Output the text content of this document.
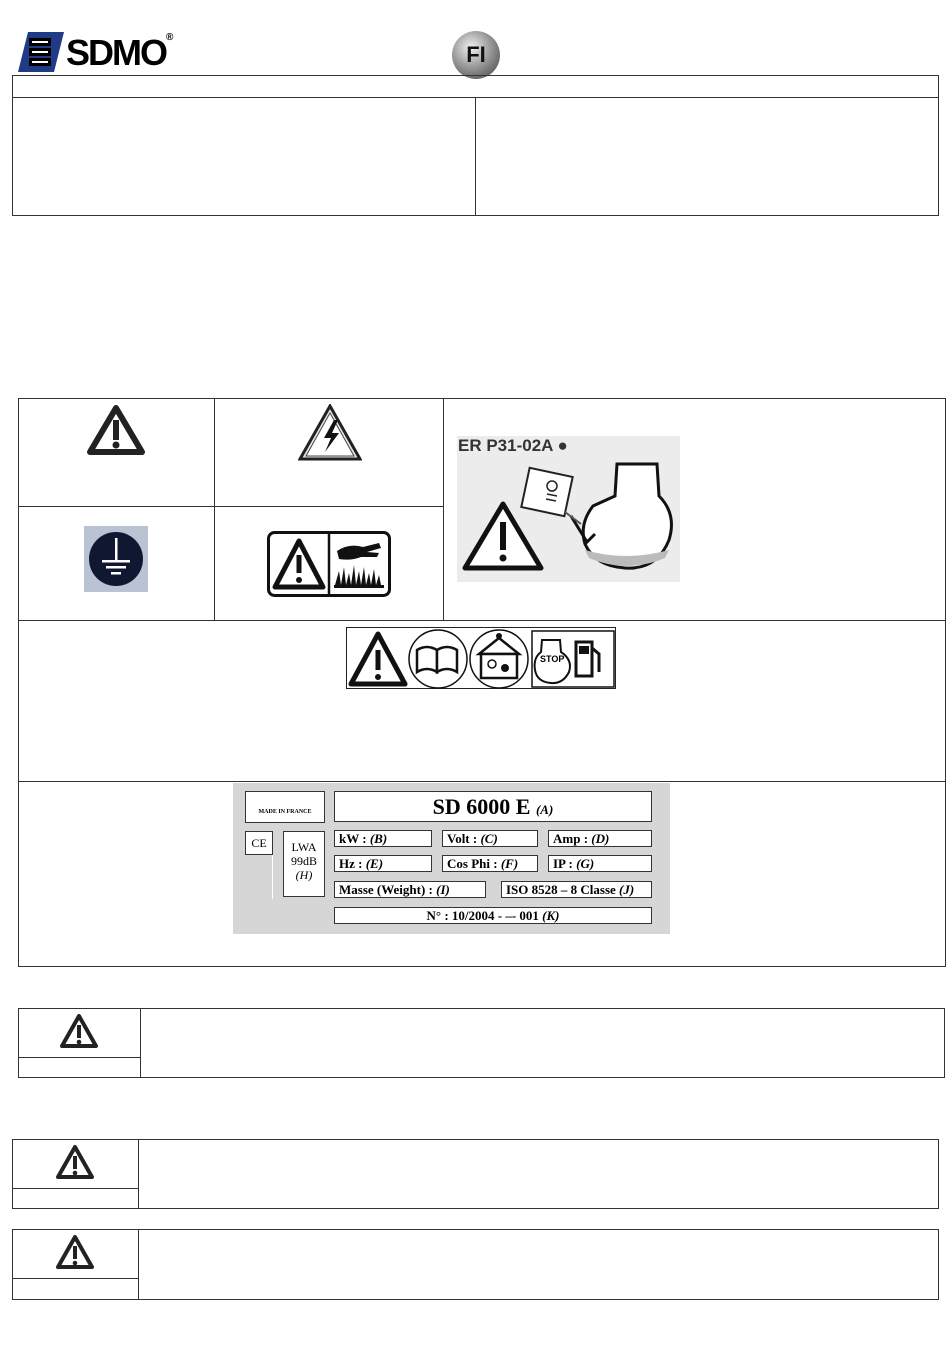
SDMO®
FI
ER P31-02A ●
STOP
MADE IN FRANCE
CE	LWA
99dB
(H)
SD 6000 E (A)
kW : (B)	Volt : (C)	Amp : (D)
Hz : (E)	Cos Phi : (F)	IP : (G)
Masse (Weight) : (I)	ISO 8528 – 8 Classe (J)
N° : 10/2004 - –- 001 (K)
